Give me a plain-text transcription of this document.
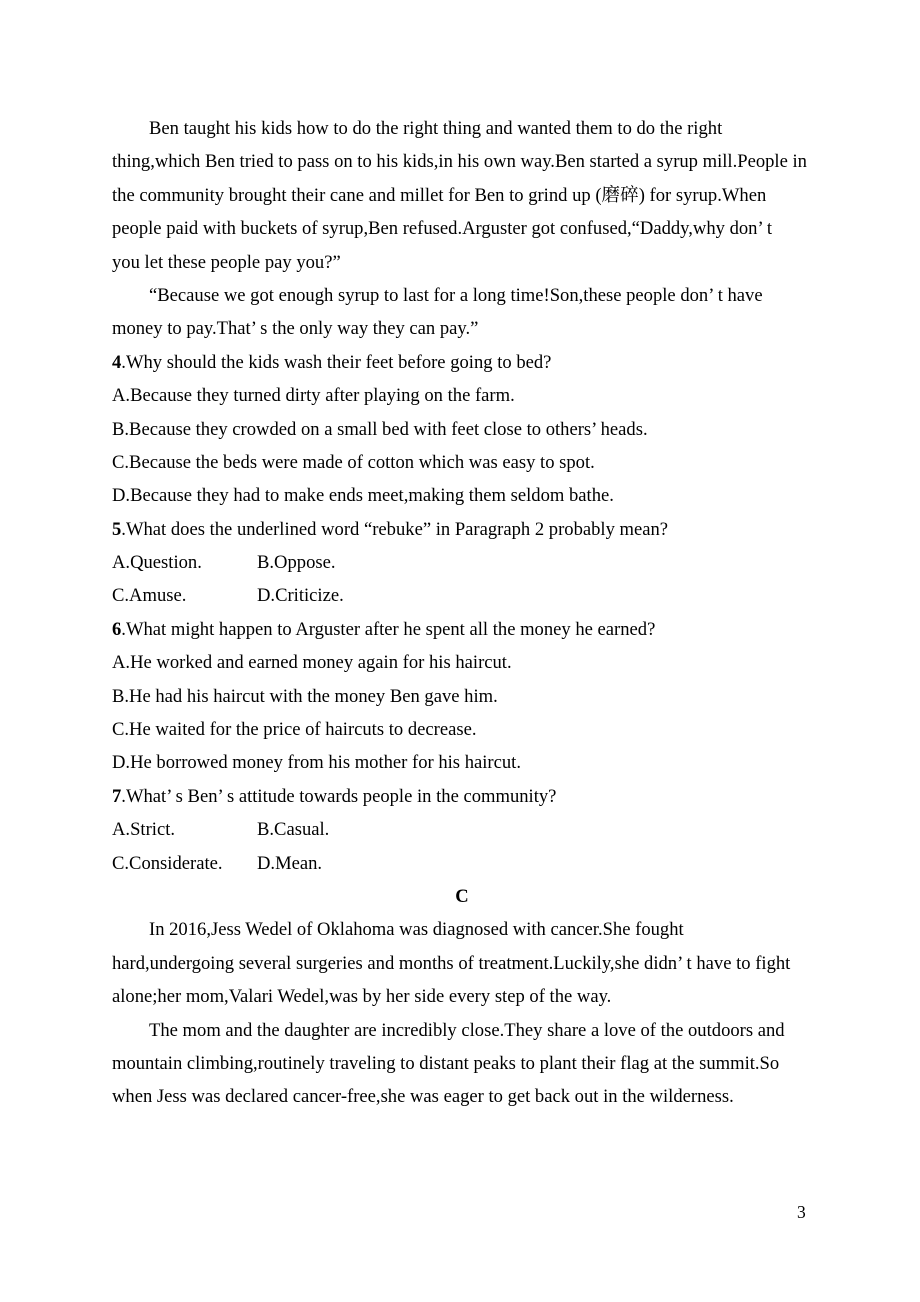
Ben taught his kids how to do the right thing and wanted them to do the right

thing,which Ben tried to pass on to his kids,in his own way.Ben started a syrup mill.People in

the community brought their cane and millet for Ben to grind up (磨碎) for syrup.When

people paid with buckets of syrup,Ben refused.Arguster got confused,“Daddy,why don’ t

you let these people pay you?”

“Because we got enough syrup to last for a long time!Son,these people don’ t have

money to pay.That’ s the only way they can pay.”

4.Why should the kids wash their feet before going to bed?

A.Because they turned dirty after playing on the farm.

B.Because they crowded on a small bed with feet close to others’ heads.

C.Because the beds were made of cotton which was easy to spot.

D.Because they had to make ends meet,making them seldom bathe.

5.What does the underlined word “rebuke” in Paragraph 2 probably mean?

A.Question.	B.Oppose.

C.Amuse.	D.Criticize.

6.What might happen to Arguster after he spent all the money he earned?

A.He worked and earned money again for his haircut.

B.He had his haircut with the money Ben gave him.

C.He waited for the price of haircuts to decrease.

D.He borrowed money from his mother for his haircut.

7.What’ s Ben’ s attitude towards people in the community?

A.Strict.	B.Casual.

C.Considerate. D.Mean.

C

In 2016,Jess Wedel of Oklahoma was diagnosed with cancer.She fought

hard,undergoing several surgeries and months of treatment.Luckily,she didn’ t have to fight

alone;her mom,Valari Wedel,was by her side every step of the way.

The mom and the daughter are incredibly close.They share a love of the outdoors and

mountain climbing,routinely traveling to distant peaks to plant their flag at the summit.So

when Jess was declared cancer-free,she was eager to get back out in the wilderness.

3
